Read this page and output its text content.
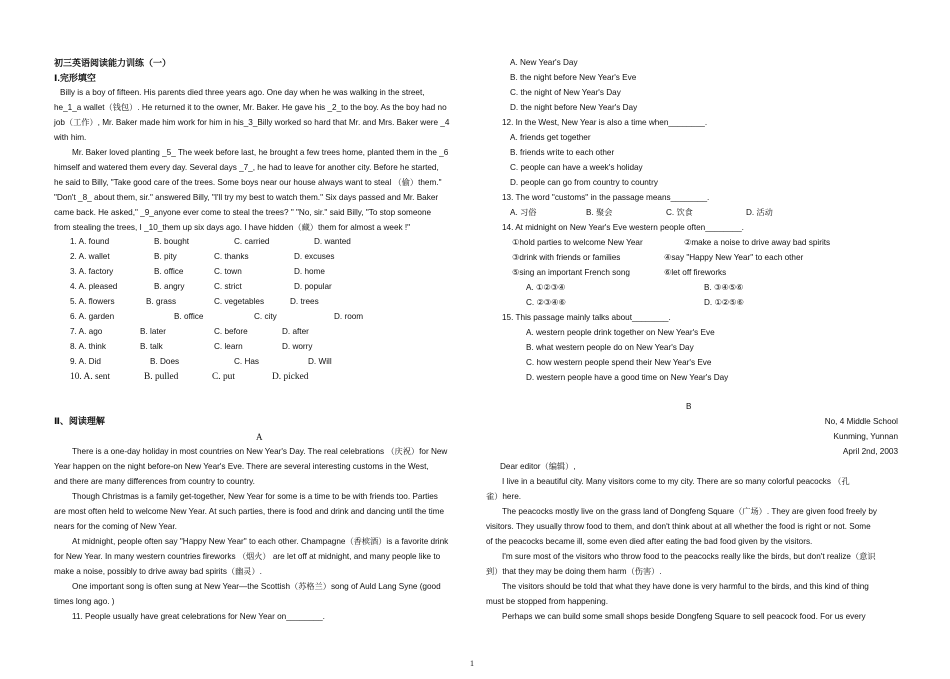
初三英语阅读能力训练（一）
Ⅰ.完形填空
Billy is a boy of fifteen. His parents died three years ago. One day when he was walking in the street,
he_1_a wallet（钱包）. He returned it to the owner, Mr. Baker. He gave his _2_to the boy. As the boy had no
job（工作）, Mr. Baker made him work for him in his_3_Billy worked so hard that Mr. and Mrs. Baker were _4
with him.
Mr. Baker loved planting _5_ The week before last, he brought a few trees home, planted them in the _6
himself and watered them every day. Several days _7_, he had to leave for another city. Before he started,
he said to Billy, "Take good care of the trees. Some boys near our house always want to steal （偷）them."
"Don't _8_ about them, sir." answered Billy, "I'll try my best to watch them." Six days passed and Mr. Baker
came back. He asked," _9_anyone ever come to steal the trees? " "No, sir." said Billy, "To stop someone
from stealing the trees, I _10_them up six days ago. I have hidden（藏）them for almost a week !"
1. A. found	B. bought	C. carried	D. wanted
2. A. wallet	B. pity	C. thanks	D. excuses
3. A. factory	B. office	C. town	D. home
4. A. pleased	B. angry	C. strict	D. popular
5. A. flowers	B. grass	C. vegetables	D. trees
6. A. garden	B. office	C. city	D. room
7. A. ago	B. later	C. before	D. after
8. A. think	B. talk	C. learn	D. worry
9. A. Did	B. Does	C. Has	D. Will
10. A. sent	B. pulled	C. put	D. picked
Ⅱ、阅读理解
A
There is a one-day holiday in most countries on New Year's Day. The real celebrations （庆祝）for New
Year happen on the night before-on New Year's Eve. There are several interesting customs in the West,
and there are many differences from country to country.
Though Christmas is a family get-together, New Year for some is a time to be with friends too. Parties
are most often held to welcome New Year. At such parties, there is food and drink and dancing until the time
nears for the coming of New Year.
At midnight, people often say "Happy New Year" to each other. Champagne（香槟酒）is a favorite drink
for New Year. In many western countries fireworks （烟火） are let off at midnight, and many people like to
make a noise, possibly to drive away bad spirits（幽灵）.
One important song is often sung at New Year—the Scottish（苏格兰）song of Auld Lang Syne (good
times long ago. )
11. People usually have great celebrations for New Year on________.
A. New Year's Day
B. the night before New Year's Eve
C. the night of New Year's Day
D. the night before New Year's Day
12. In the West, New Year is also a time when________.
A. friends get together
B. friends write to each other
C. people can have a week's holiday
D. people can go from country to country
13. The word "customs" in the passage means________.
A. 习俗	B. 聚会	C. 饮食	D. 活动
14. At midnight on New Year's Eve western people often________.
①hold parties to welcome New Year	②make a noise to drive away bad spirits
③drink with friends or families	④say "Happy New Year" to each other
⑤sing an important French song	⑥let off fireworks
A. ①②③④	B. ③④⑤⑥
C. ②③④⑥	D. ①②⑤⑥
15. This passage mainly talks about________.
A. western people drink together on New Year's Eve
B. what western people do on New Year's Day
C. how western people spend their New Year's Eve
D. western people have a good time on New Year's Day
B
No, 4 Middle School
Kunming, Yunnan
April 2nd, 2003
Dear editor（编辑）,
I live in a beautiful city. Many visitors come to my city. There are so many colorful peacocks （孔
雀）here.
The peacocks mostly live on the grass land of Dongfeng Square（广场）. They are given food freely by
visitors. They usually throw food to them, and don't think about at all whether the food is right or not. Some
of the peacocks became ill, some even died after eating the bad food given by the visitors.
I'm sure most of the visitors who throw food to the peacocks really like the birds, but don't realize（意识
到）that they may be doing them harm（伤害）.
The visitors should be told that what they have done is very harmful to the birds, and this kind of thing
must be stopped from happening.
Perhaps we can build some small shops beside Dongfeng Square to sell peacock food. For us every
1
